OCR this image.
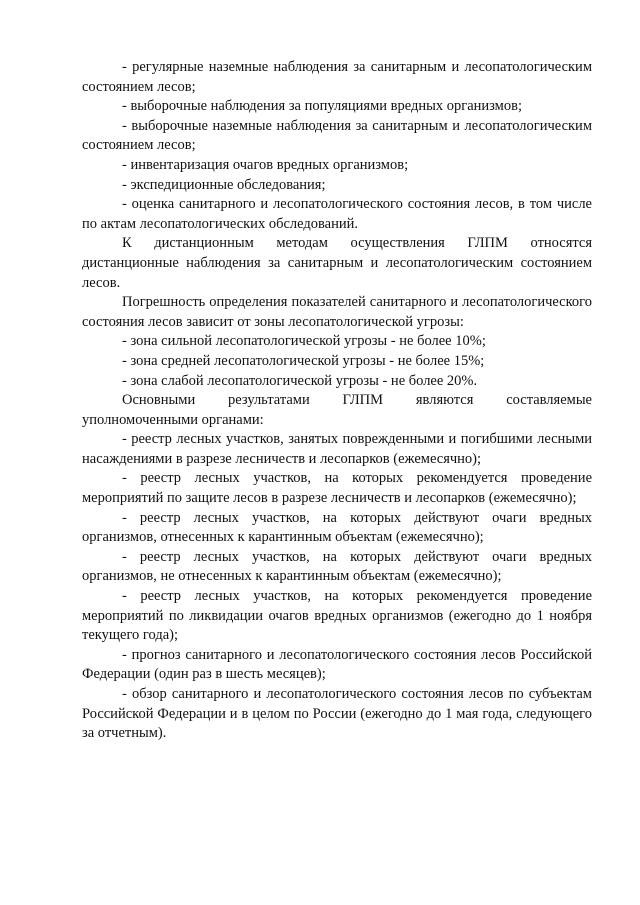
- регулярные наземные наблюдения за санитарным и лесопатологическим состоянием лесов;

- выборочные наблюдения за популяциями вредных организмов;

- выборочные наземные наблюдения за санитарным и лесопатологическим состоянием лесов;

- инвентаризация очагов вредных организмов;

- экспедиционные обследования;

- оценка санитарного и лесопатологического состояния лесов, в том числе по актам лесопатологических обследований.

К дистанционным методам осуществления ГЛПМ относятся дистанционные наблюдения за санитарным и лесопатологическим состоянием лесов.

Погрешность определения показателей санитарного и лесопатологического состояния лесов зависит от зоны лесопатологической угрозы:

- зона сильной лесопатологической угрозы - не более 10%;

- зона средней лесопатологической угрозы - не более 15%;

- зона слабой лесопатологической угрозы - не более 20%.

Основными результатами ГЛПМ являются составляемые уполномоченными органами:

- реестр лесных участков, занятых поврежденными и погибшими лесными насаждениями в разрезе лесничеств и лесопарков (ежемесячно);

- реестр лесных участков, на которых рекомендуется проведение мероприятий по защите лесов в разрезе лесничеств и лесопарков (ежемесячно);

- реестр лесных участков, на которых действуют очаги вредных организмов, отнесенных к карантинным объектам (ежемесячно);

- реестр лесных участков, на которых действуют очаги вредных организмов, не отнесенных к карантинным объектам (ежемесячно);

- реестр лесных участков, на которых рекомендуется проведение мероприятий по ликвидации очагов вредных организмов (ежегодно до 1 ноября текущего года);

- прогноз санитарного и лесопатологического состояния лесов Российской Федерации (один раз в шесть месяцев);

- обзор санитарного и лесопатологического состояния лесов по субъектам Российской Федерации и в целом по России (ежегодно до 1 мая года, следующего за отчетным).
